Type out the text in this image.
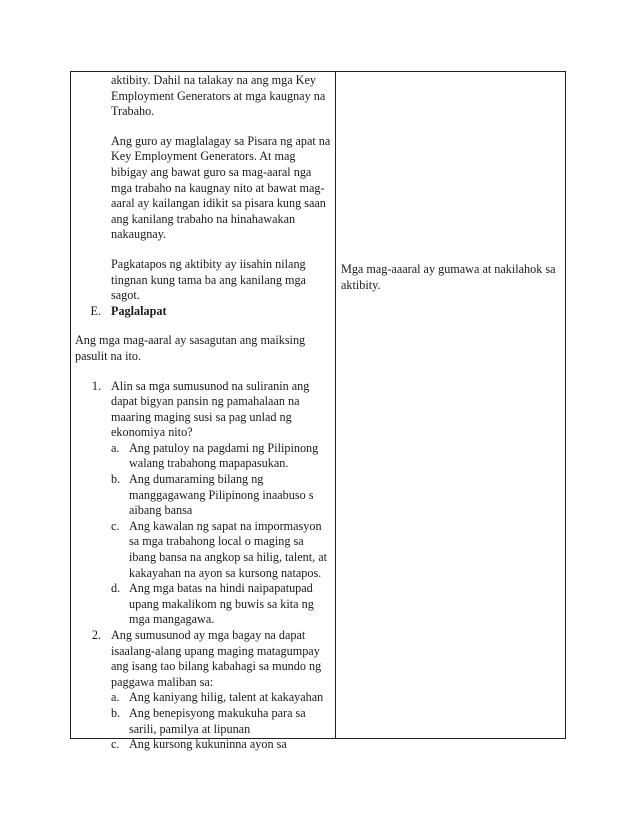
aktibity. Dahil na talakay na ang mga Key Employment Generators at mga kaugnay na Trabaho.

Ang guro ay maglalagay sa Pisara ng apat na Key Employment Generators. At mag bibigay ang bawat guro sa mag-aaral nga mga trabaho na kaugnay nito at bawat mag-aaral ay kailangan idikit sa pisara kung saan ang kanilang trabaho na hinahawakan nakaugnay.

Pagkatapos ng aktibity ay iisahin nilang tingnan kung tama ba ang kanilang mga sagot.

E. Paglalapat

Ang mga mag-aaral ay sasagutan ang maiksing pasulit na ito.

1. Alin sa mga sumusunod na suliranin ang dapat bigyan pansin ng pamahalaan na maaring maging susi sa pag unlad ng ekonomiya nito?
a. Ang patuloy na pagdami ng Pilipinong walang trabahong mapapasukan.
b. Ang dumaraming bilang ng manggagawang Pilipinong inaabuso s aibang bansa
c. Ang kawalan ng sapat na impormasyon sa mga trabahong local o maging sa ibang bansa na angkop sa hilig, talent, at kakayahan na ayon sa kursong natapos.
d. Ang mga batas na hindi naipapatupad upang makalikom ng buwis sa kita ng mga mangagawa.
2. Ang sumusunod ay mga bagay na dapat isaalang-alang upang maging matagumpay ang isang tao bilang kabahagi sa mundo ng paggawa maliban sa:
a. Ang kaniyang hilig, talent at kakayahan
b. Ang benepisyong makukuha para sa sarili, pamilya at lipunan
c. Ang kursong kukuninna ayon sa

Mga mag-aaaral ay gumawa at nakilahok sa aktibity.
